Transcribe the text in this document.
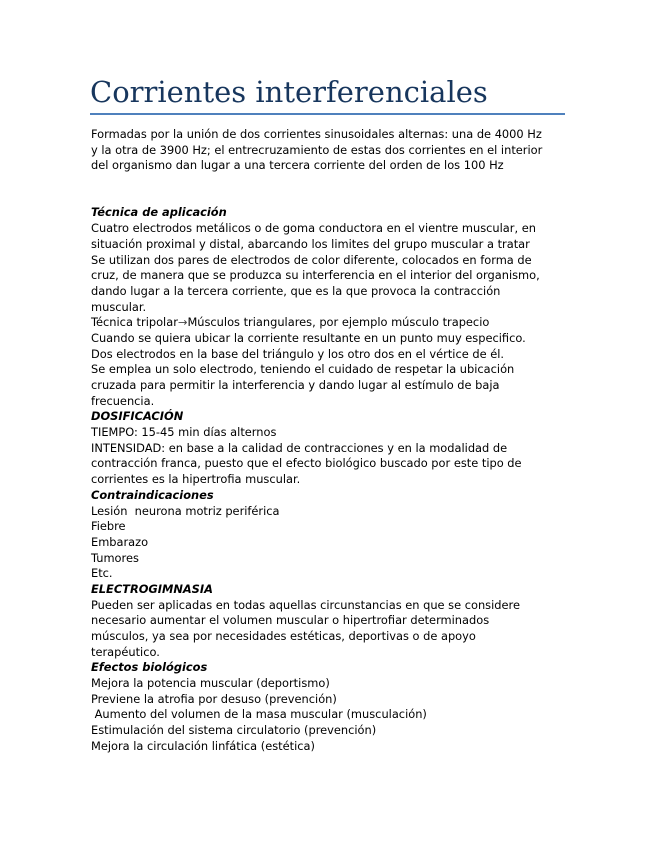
Corrientes interferenciales
Formadas por la unión de dos corrientes sinusoidales alternas: una de 4000 Hz
y la otra de 3900 Hz; el entrecruzamiento de estas dos corrientes en el interior
del organismo dan lugar a una tercera corriente del orden de los 100 Hz
Técnica de aplicación
Cuatro electrodos metálicos o de goma conductora en el vientre muscular, en
situación proximal y distal, abarcando los limites del grupo muscular a tratar
Se utilizan dos pares de electrodos de color diferente, colocados en forma de
cruz, de manera que se produzca su interferencia en el interior del organismo,
dando lugar a la tercera corriente, que es la que provoca la contracción
muscular.
Técnica tripolar→Músculos triangulares, por ejemplo músculo trapecio
Cuando se quiera ubicar la corriente resultante en un punto muy especifico.
Dos electrodos en la base del triángulo y los otro dos en el vértice de él.
Se emplea un solo electrodo, teniendo el cuidado de respetar la ubicación
cruzada para permitir la interferencia y dando lugar al estímulo de baja
frecuencia.
DOSIFICACIÓN
TIEMPO: 15-45 min días alternos
INTENSIDAD: en base a la calidad de contracciones y en la modalidad de
contracción franca, puesto que el efecto biológico buscado por este tipo de
corrientes es la hipertrofia muscular.
Contraindicaciones
Lesión  neurona motriz periférica
Fiebre
Embarazo
Tumores
Etc.
ELECTROGIMNASIA
Pueden ser aplicadas en todas aquellas circunstancias en que se considere
necesario aumentar el volumen muscular o hipertrofiar determinados
músculos, ya sea por necesidades estéticas, deportivas o de apoyo
terapéutico.
Efectos biológicos
Mejora la potencia muscular (deportismo)
Previene la atrofia por desuso (prevención)
Aumento del volumen de la masa muscular (musculación)
Estimulación del sistema circulatorio (prevención)
Mejora la circulación linfática (estética)
